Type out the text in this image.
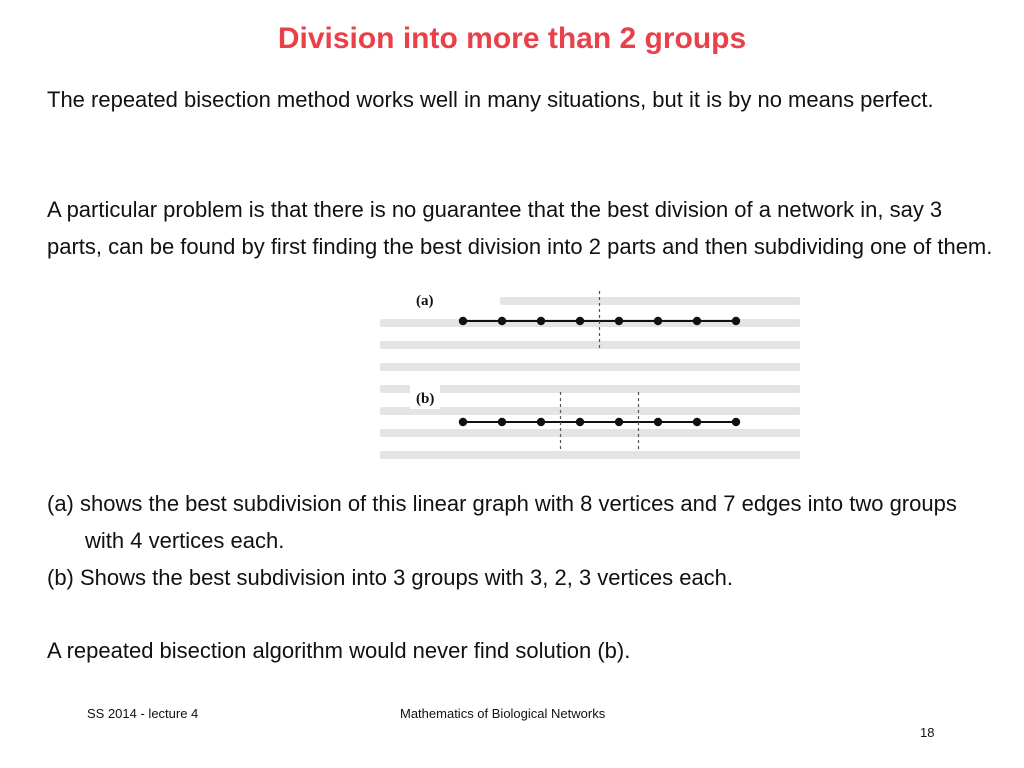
Division into more than 2 groups

The repeated bisection method works well in many situations, but it is by no means perfect.

A particular problem is that there is no guarantee that the best division of a network in, say 3 parts, can be found by first finding the best division into 2 parts and then subdividing one of them.

(a)
(b)

(a) shows the best subdivision of this linear graph with 8 vertices and 7 edges into two groups with 4 vertices each.
(b) Shows the best subdivision into 3 groups with 3, 2, 3 vertices each.

A repeated bisection algorithm would never find solution (b).

SS 2014 - lecture 4	Mathematics of Biological Networks
18
